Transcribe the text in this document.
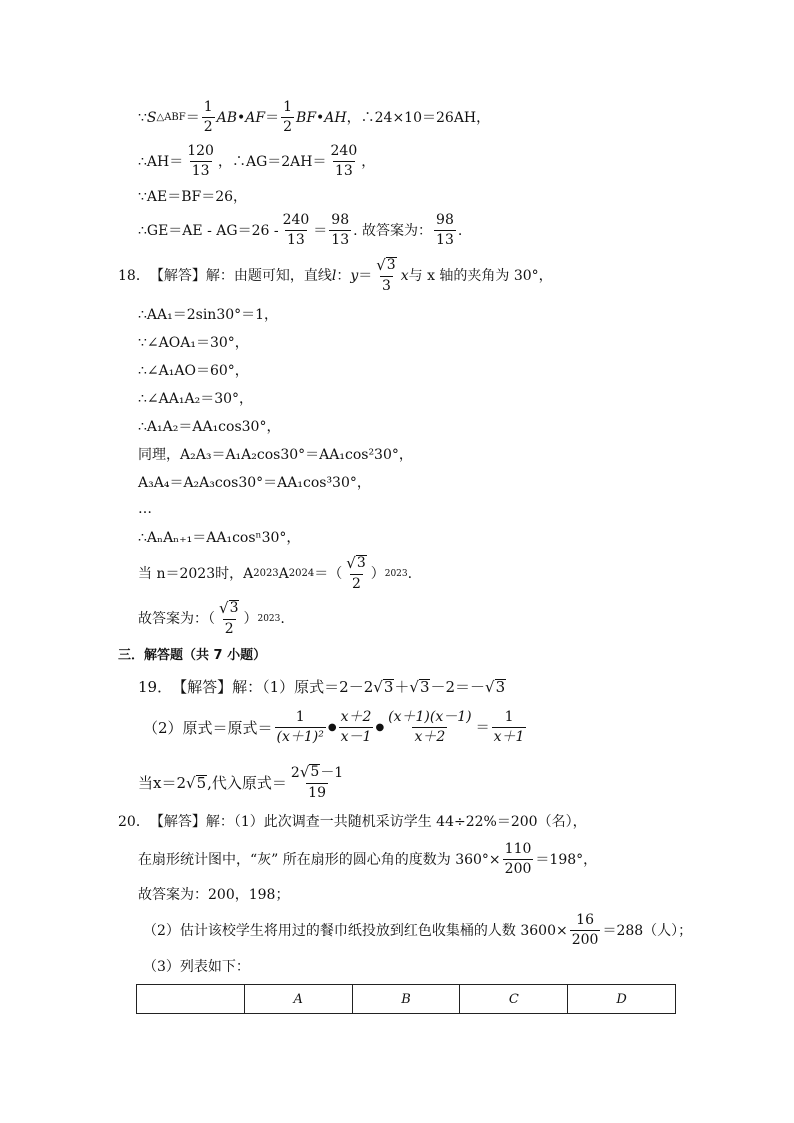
∵ S △ABF ＝ $\frac{1}{2}$ AB•AF ＝ $\frac{1}{2}$ BF•AH ，∴24×10＝26AH，
∴AH＝ $\frac{120}{13}$ ，∴AG＝2AH＝ $\frac{240}{13}$ ，
∵AE＝BF＝26，
∴GE＝AE - $AG=26 - \frac{240}{13} = \frac{98}{13}$ . 故答案为： $\frac{98}{13}$ .
18． 【解答】 解：由题可知，直线 l ： $y = \frac{√ 3}{3}$ x 与 x 轴的夹角为 30°，
∴AA₁＝2sin30°＝1，
∵∠AOA₁＝30°，
∴∠A₁AO＝60°，
∴∠AA₁A₂＝30°，
∴A₁A₂＝AA₁cos30°，
同理，A₂A₃＝A₁A₂cos30°＝AA₁cos²30°，
A₃A₄＝A₂A₃cos30°＝AA₁cos³30°，
…
∴AₙAₙ₊₁＝AA₁cosⁿ30°，
当 n＝2023时，A 2023 A 2024 ＝（ $\frac{√ 3}{2}$ ） 2023 .
故答案为：（ $\frac{√ 3}{2}$ ） 2023 .
三．解答题（共 7 小题）
19． 【解答】 解：（1）原式＝2－2 √ 3 ＋ √ 3 －2＝－ √ 3
（2）原式＝原式＝ $\frac{1}{\text{(x＋1)²}}$ ● $\frac{x+2}{x-1}$ ● $\frac{(x+1)(x-1)}{x+2} = \frac{1}{x+1}$
当x＝2 √ 5 ,代入原式＝ $\frac{2 √ 5 -1}{19}$
20． 【解答】 解：（1）此次调查一共随机采访学生 44÷22%＝200（名），
在扇形统计图中，“灰” 所在扇形的圆心角的度数为 $360^\circ\times \frac{110}{200} =198^\circ$，
故答案为：200，198；
（2）估计该校学生将用过的餐巾纸投放到红色收集桶的人数 $3600\times \frac{16}{200} =288$（人）；
（3）列表如下：
	A	B	C	D
